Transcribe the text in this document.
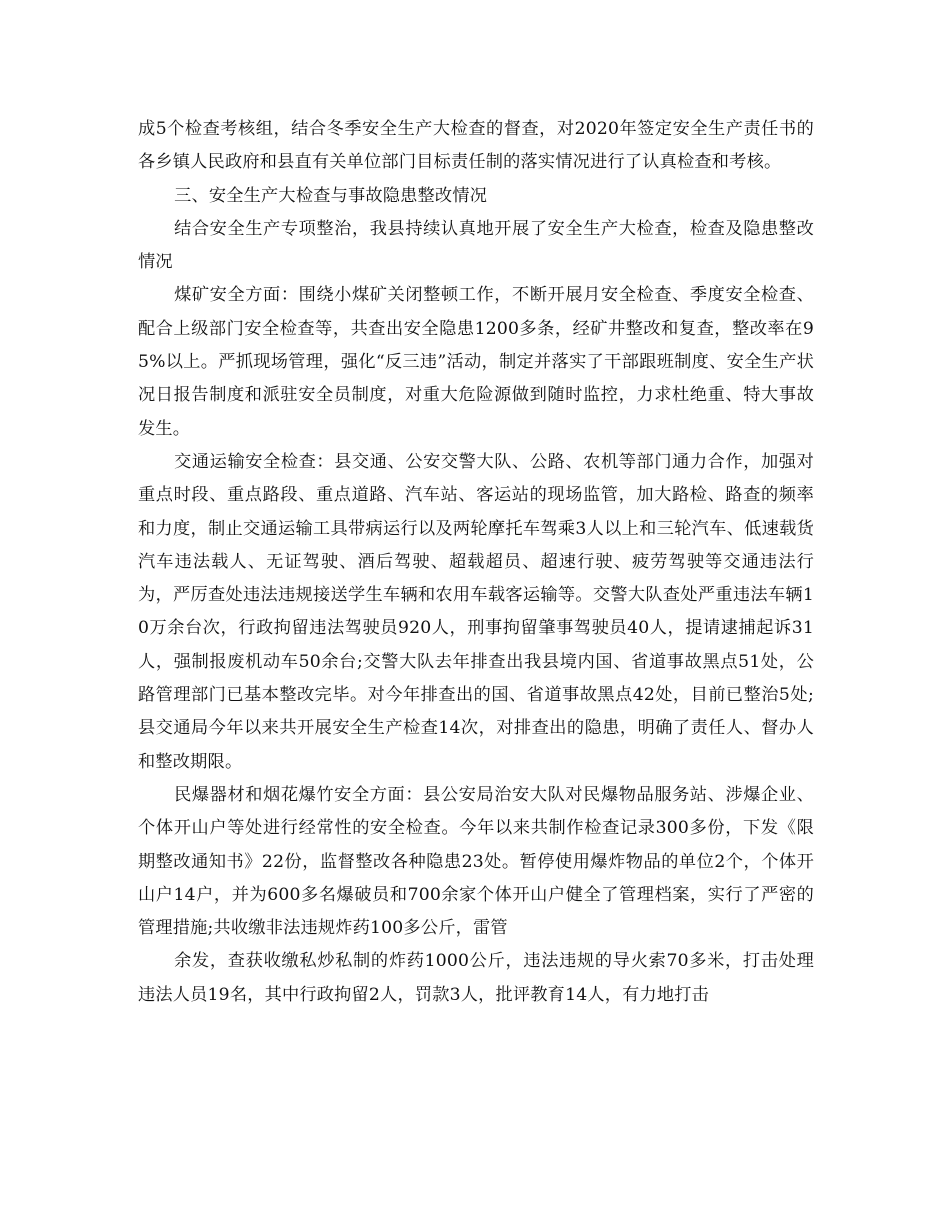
成5个检查考核组，结合冬季安全生产大检查的督查，对2020年签定安全生产责任书的各乡镇人民政府和县直有关单位部门目标责任制的落实情况进行了认真检查和考核。

三、安全生产大检查与事故隐患整改情况

结合安全生产专项整治，我县持续认真地开展了安全生产大检查，检查及隐患整改情况

煤矿安全方面：围绕小煤矿关闭整顿工作，不断开展月安全检查、季度安全检查、配合上级部门安全检查等，共查出安全隐患1200多条，经矿井整改和复查，整改率在95%以上。严抓现场管理，强化“反三违”活动，制定并落实了干部跟班制度、安全生产状况日报告制度和派驻安全员制度，对重大危险源做到随时监控，力求杜绝重、特大事故发生。

交通运输安全检查：县交通、公安交警大队、公路、农机等部门通力合作，加强对重点时段、重点路段、重点道路、汽车站、客运站的现场监管，加大路检、路查的频率和力度，制止交通运输工具带病运行以及两轮摩托车驾乘3人以上和三轮汽车、低速载货汽车违法载人、无证驾驶、酒后驾驶、超载超员、超速行驶、疲劳驾驶等交通违法行为，严厉查处违法违规接送学生车辆和农用车载客运输等。交警大队查处严重违法车辆10万余台次，行政拘留违法驾驶员920人，刑事拘留肇事驾驶员40人，提请逮捕起诉31人，强制报废机动车50余台;交警大队去年排查出我县境内国、省道事故黑点51处，公路管理部门已基本整改完毕。对今年排查出的国、省道事故黑点42处，目前已整治5处;县交通局今年以来共开展安全生产检查14次，对排查出的隐患，明确了责任人、督办人和整改期限。

民爆器材和烟花爆竹安全方面：县公安局治安大队对民爆物品服务站、涉爆企业、个体开山户等处进行经常性的安全检查。今年以来共制作检查记录300多份，下发《限期整改通知书》22份，监督整改各种隐患23处。暂停使用爆炸物品的单位2个，个体开山户14户，并为600多名爆破员和700余家个体开山户健全了管理档案，实行了严密的管理措施;共收缴非法违规炸药100多公斤，雷管

余发，查获收缴私炒私制的炸药1000公斤，违法违规的导火索70多米，打击处理违法人员19名，其中行政拘留2人，罚款3人，批评教育14人，有力地打击
